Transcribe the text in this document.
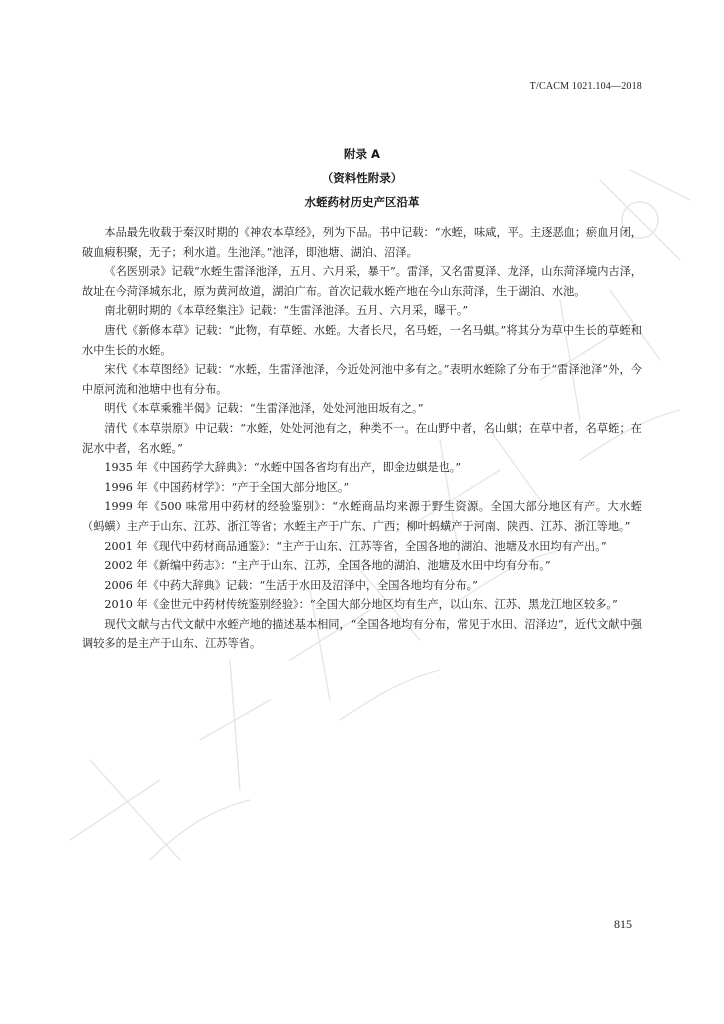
T/CACM 1021.104—2018
附录 A
（资料性附录）
水蛭药材历史产区沿革

本品最先收载于秦汉时期的《神农本草经》，列为下品。书中记载：“水蛭，味咸，平。主逐恶血；瘀血月闭，破血瘕积聚，无子；利水道。生池泽。”池泽，即池塘、湖泊、沼泽。

《名医别录》记载“水蛭生雷泽池泽，五月、六月采，暴干”。雷泽，又名雷夏泽、龙泽，山东菏泽境内古泽，故址在今菏泽城东北，原为黄河故道，湖泊广布。首次记载水蛭产地在今山东菏泽，生于湖泊、水池。

南北朝时期的《本草经集注》记载：“生雷泽池泽。五月、六月采，曝干。”

唐代《新修本草》记载：“此物，有草蛭、水蛭。大者长尺，名马蛭，一名马蜞。”将其分为草中生长的草蛭和水中生长的水蛭。

宋代《本草图经》记载：“水蛭，生雷泽池泽，今近处河池中多有之。”表明水蛭除了分布于“雷泽池泽”外，今中原河流和池塘中也有分布。

明代《本草乘雅半偈》记载：“生雷泽池泽，处处河池田坂有之。”

清代《本草崇原》中记载：“水蛭，处处河池有之，种类不一。在山野中者，名山蜞；在草中者，名草蛭；在泥水中者，名水蛭。”

1935 年《中国药学大辞典》：“水蛭中国各省均有出产，即金边蜞是也。”

1996 年《中国药材学》：“产于全国大部分地区。”

1999 年《500 味常用中药材的经验鉴别》：“水蛭商品均来源于野生资源。全国大部分地区有产。大水蛭（蚂蟥）主产于山东、江苏、浙江等省；水蛭主产于广东、广西；柳叶蚂蟥产于河南、陕西、江苏、浙江等地。”

2001 年《现代中药材商品通鉴》：“主产于山东、江苏等省，全国各地的湖泊、池塘及水田均有产出。”

2002 年《新编中药志》：“主产于山东、江苏，全国各地的湖泊、池塘及水田中均有分布。”

2006 年《中药大辞典》记载：“生活于水田及沼泽中，全国各地均有分布。”

2010 年《金世元中药材传统鉴别经验》：“全国大部分地区均有生产，以山东、江苏、黑龙江地区较多。”

现代文献与古代文献中水蛭产地的描述基本相同，“全国各地均有分布，常见于水田、沼泽边”，近代文献中强调较多的是主产于山东、江苏等省。

815
